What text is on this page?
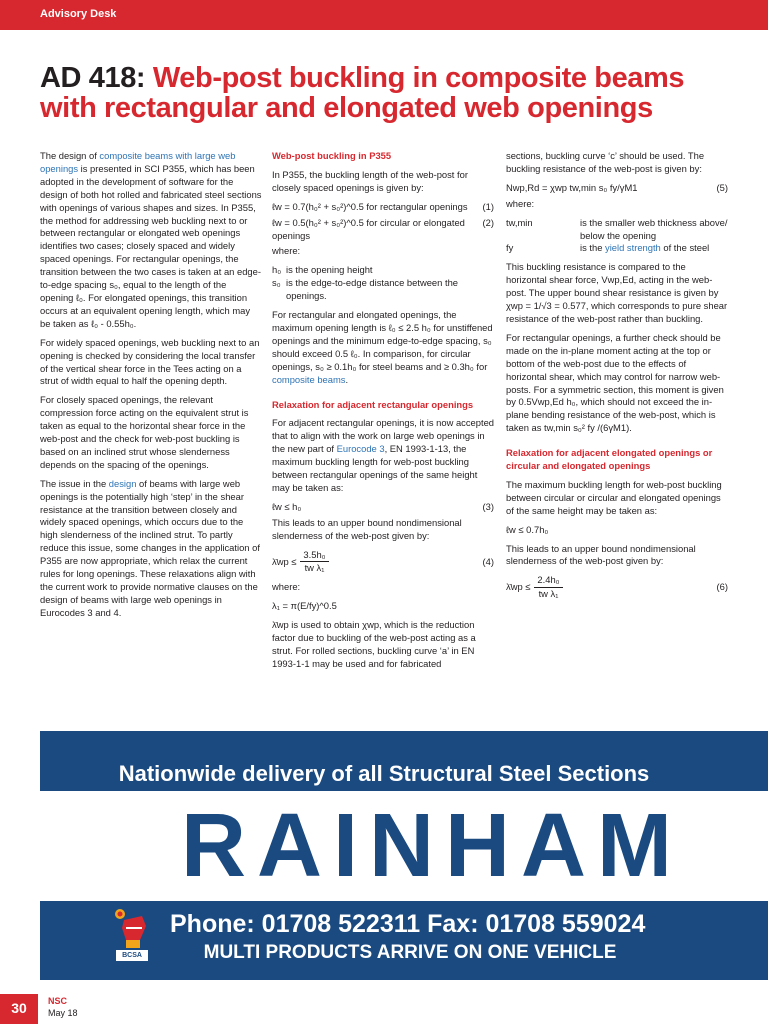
Advisory Desk
AD 418: Web-post buckling in composite beams with rectangular and elongated web openings

The design of composite beams with large web openings is presented in SCI P355, which has been adopted in the development of software for the design of both hot rolled and fabricated steel sections with openings of various shapes and sizes. In P355, the method for addressing web buckling next to or between rectangular or elongated web openings identifies two cases; closely spaced and widely spaced openings. For rectangular openings, the transition between the two cases is taken at an edge-to-edge spacing s₀, equal to the length of the opening ℓ₀. For elongated openings, this transition occurs at an equivalent opening length, which may be taken as ℓ₀ - 0.55h₀.

For widely spaced openings, web buckling next to an opening is checked by considering the local transfer of the vertical shear force in the Tees acting on a strut of width equal to half the opening depth.

For closely spaced openings, the relevant compression force acting on the equivalent strut is taken as equal to the horizontal shear force in the web-post and the check for web-post buckling is based on an inclined strut whose slenderness depends on the spacing of the openings.

The issue in the design of beams with large web openings is the potentially high ‘step’ in the shear resistance at the transition between closely and widely spaced openings, which occurs due to the high slenderness of the inclined strut. To partly reduce this issue, some changes in the application of P355 are now appropriate, which relax the current rules for long openings. These relaxations align with the current work to provide normative clauses on the design of beams with large web openings in Eurocodes 3 and 4.

Web-post buckling in P355

In P355, the buckling length of the web-post for closely spaced openings is given by:

ℓw = 0.7(h₀² + s₀²)^0.5 for rectangular openings (1)
ℓw = 0.5(h₀² + s₀²)^0.5 for circular or elongated openings
(2)

where:

h₀ is the opening height
s₀ is the edge-to-edge distance between the openings.

For rectangular and elongated openings, the maximum opening length is ℓ₀ ≤ 2.5 h₀ for unstiffened openings and the minimum edge-to-edge spacing, s₀ should exceed 0.5 ℓ₀. In comparison, for circular openings, s₀ ≥ 0.1h₀ for steel beams and ≥ 0.3h₀ for composite beams.

Relaxation for adjacent rectangular openings

For adjacent rectangular openings, it is now accepted that to align with the work on large web openings in the new part of Eurocode 3, EN 1993-1-13, the maximum buckling length for web-post buckling between rectangular openings of the same height may be taken as:

ℓw ≤ h₀	(3)

This leads to an upper bound nondimensional slenderness of the web-post given by:

λ̄wp ≤ $\frac{\text{3.5h₀}}{\text{tw λ₁}}$	(4)

where:

λ₁ = π(E/fy)^0.5

λ̄wp is used to obtain χwp, which is the reduction factor due to buckling of the web-post acting as a strut. For rolled sections, buckling curve ‘a’ in EN 1993-1-1 may be used and for fabricated

sections, buckling curve ‘c’ should be used. The buckling resistance of the web-post is given by:

Nwp,Rd = χwp tw,min s₀ fy/γM1	(5)

where:

tw,min	is the smaller web thickness above/ below the opening
fy	is the yield strength of the steel

This buckling resistance is compared to the horizontal shear force, Vwp,Ed, acting in the web-post. The upper bound shear resistance is given by χwp = 1/√3 = 0.577, which corresponds to pure shear resistance of the web-post rather than buckling.

For rectangular openings, a further check should be made on the in-plane moment acting at the top or bottom of the web-post due to the effects of horizontal shear, which may control for narrow web-posts. For a symmetric section, this moment is given by 0.5Vwp,Ed h₀, which should not exceed the in-plane bending resistance of the web-post, which is taken as tw,min s₀² fy /(6γM1).

Relaxation for adjacent elongated openings or circular and elongated openings

The maximum buckling length for web-post buckling between circular or circular and elongated openings of the same height may be taken as:

ℓw ≤ 0.7h₀

This leads to an upper bound nondimensional slenderness of the web-post given by:

λ̄wp ≤ $\frac{\text{2.4h₀}}{\text{tw λ₁}}$	(6)
Nationwide delivery of all Structural Steel Sections
RAINHAM
BCSA
Phone: 01708 522311 Fax: 01708 559024
MULTI PRODUCTS ARRIVE ON ONE VEHICLE
30	NSC
May 18
